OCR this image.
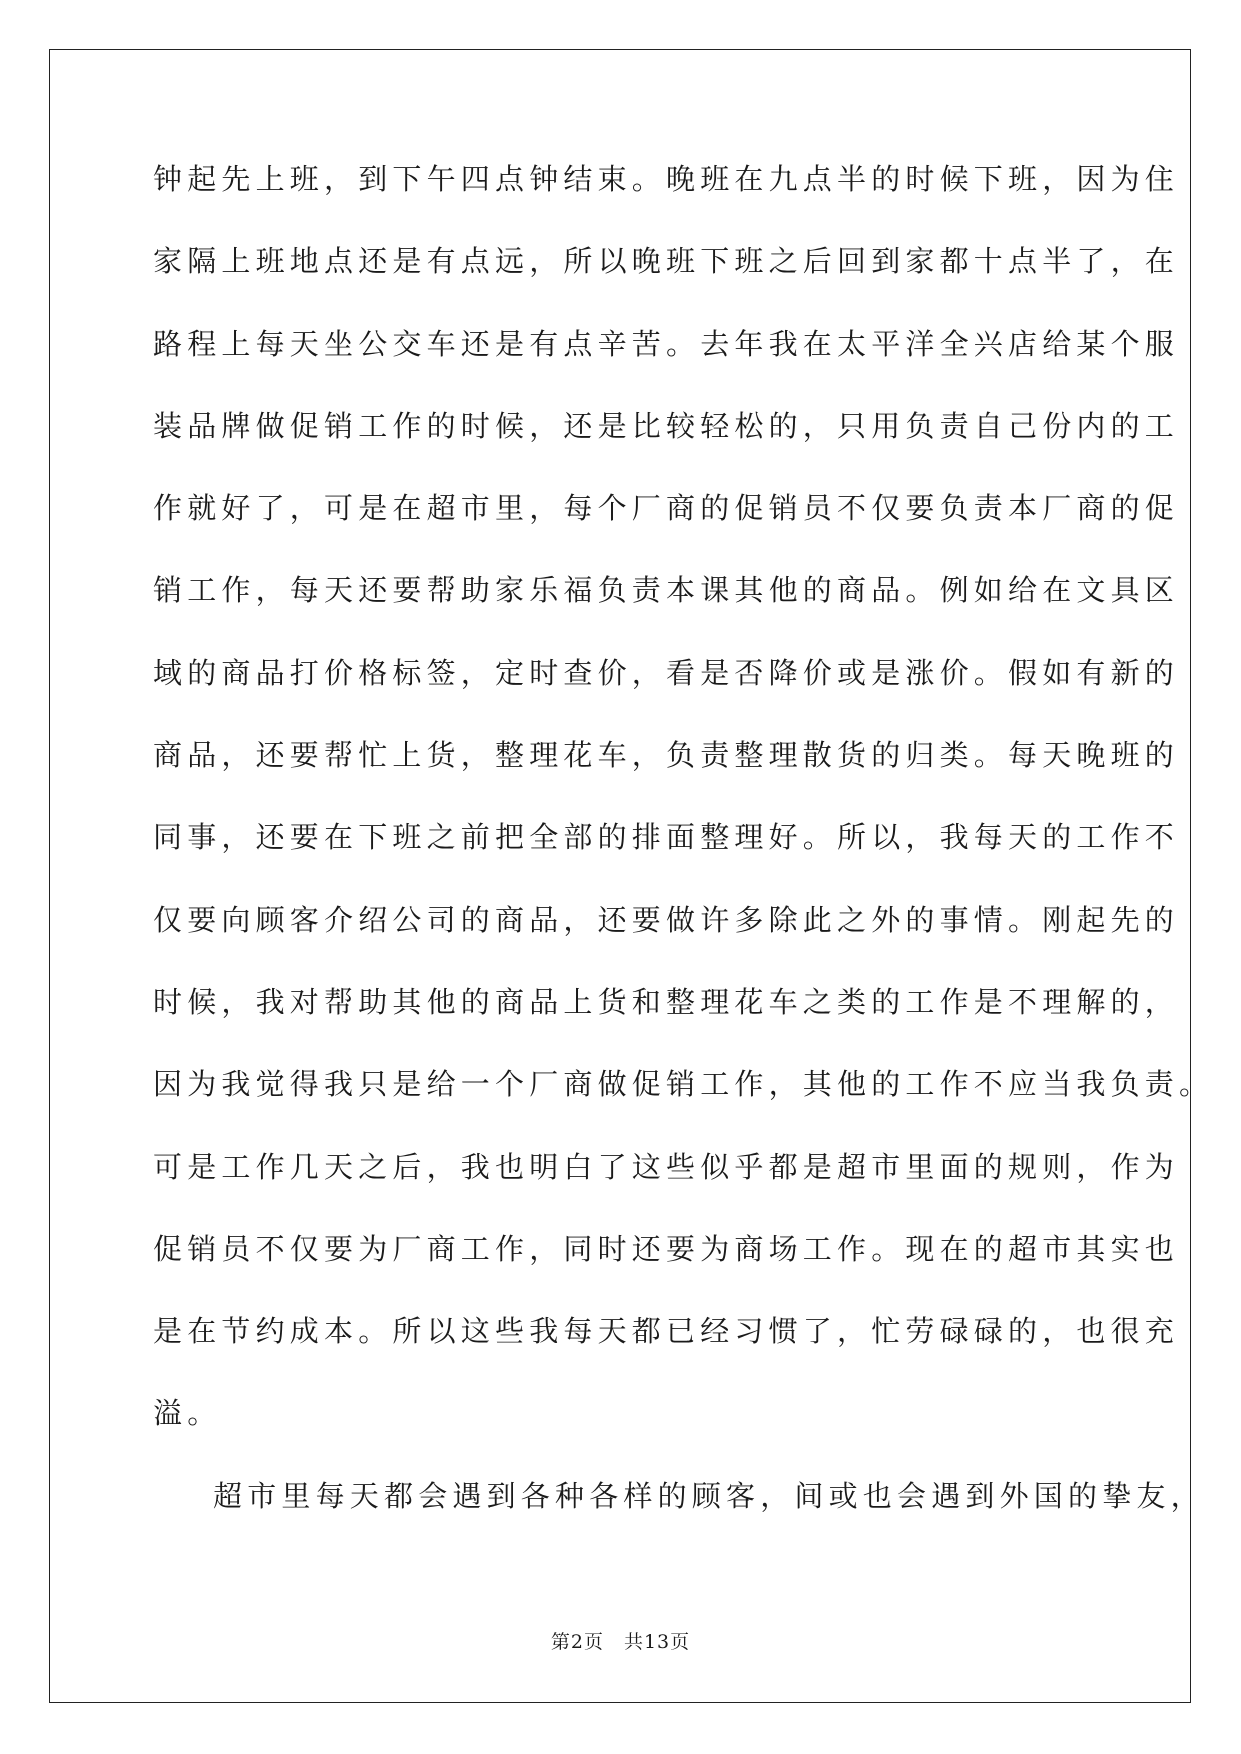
钟起先上班，到下午四点钟结束。晚班在九点半的时候下班，因为住
家隔上班地点还是有点远，所以晚班下班之后回到家都十点半了，在
路程上每天坐公交车还是有点辛苦。去年我在太平洋全兴店给某个服
装品牌做促销工作的时候，还是比较轻松的，只用负责自己份内的工
作就好了，可是在超市里，每个厂商的促销员不仅要负责本厂商的促
销工作，每天还要帮助家乐福负责本课其他的商品。例如给在文具区
域的商品打价格标签，定时查价，看是否降价或是涨价。假如有新的
商品，还要帮忙上货，整理花车，负责整理散货的归类。每天晚班的
同事，还要在下班之前把全部的排面整理好。所以，我每天的工作不
仅要向顾客介绍公司的商品，还要做许多除此之外的事情。刚起先的
时候，我对帮助其他的商品上货和整理花车之类的工作是不理解的，
因为我觉得我只是给一个厂商做促销工作，其他的工作不应当我负责。
可是工作几天之后，我也明白了这些似乎都是超市里面的规则，作为
促销员不仅要为厂商工作，同时还要为商场工作。现在的超市其实也
是在节约成本。所以这些我每天都已经习惯了，忙劳碌碌的，也很充
溢。
超市里每天都会遇到各种各样的顾客，间或也会遇到外国的挚友，
第2页 共13页
